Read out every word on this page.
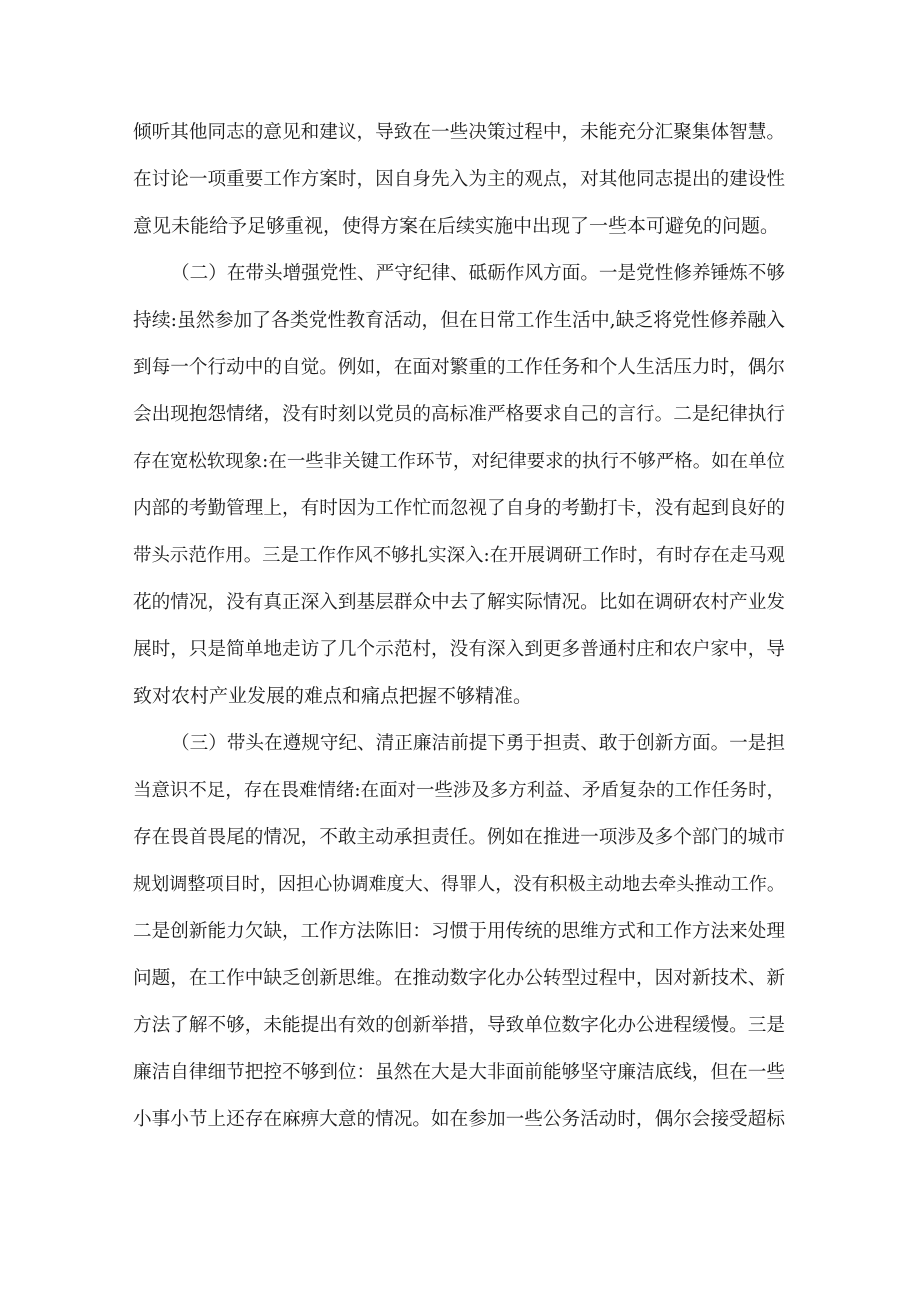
倾听其他同志的意见和建议，导致在一些决策过程中，未能充分汇聚集体智慧。
在讨论一项重要工作方案时，因自身先入为主的观点，对其他同志提出的建设性
意见未能给予足够重视，使得方案在后续实施中出现了一些本可避免的问题。
（二）在带头增强党性、严守纪律、砥砺作风方面。一是党性修养锤炼不够
持续:虽然参加了各类党性教育活动，但在日常工作生活中,缺乏将党性修养融入
到每一个行动中的自觉。例如，在面对繁重的工作任务和个人生活压力时，偶尔
会出现抱怨情绪，没有时刻以党员的高标准严格要求自己的言行。二是纪律执行
存在宽松软现象:在一些非关键工作环节，对纪律要求的执行不够严格。如在单位
内部的考勤管理上，有时因为工作忙而忽视了自身的考勤打卡，没有起到良好的
带头示范作用。三是工作作风不够扎实深入:在开展调研工作时，有时存在走马观
花的情况，没有真正深入到基层群众中去了解实际情况。比如在调研农村产业发
展时，只是简单地走访了几个示范村，没有深入到更多普通村庄和农户家中，导
致对农村产业发展的难点和痛点把握不够精准。
（三）带头在遵规守纪、清正廉洁前提下勇于担责、敢于创新方面。一是担
当意识不足，存在畏难情绪:在面对一些涉及多方利益、矛盾复杂的工作任务时，
存在畏首畏尾的情况，不敢主动承担责任。例如在推进一项涉及多个部门的城市
规划调整项目时，因担心协调难度大、得罪人，没有积极主动地去牵头推动工作。
二是创新能力欠缺，工作方法陈旧：习惯于用传统的思维方式和工作方法来处理
问题，在工作中缺乏创新思维。在推动数字化办公转型过程中，因对新技术、新
方法了解不够，未能提出有效的创新举措，导致单位数字化办公进程缓慢。三是
廉洁自律细节把控不够到位：虽然在大是大非面前能够坚守廉洁底线，但在一些
小事小节上还存在麻痹大意的情况。如在参加一些公务活动时，偶尔会接受超标
